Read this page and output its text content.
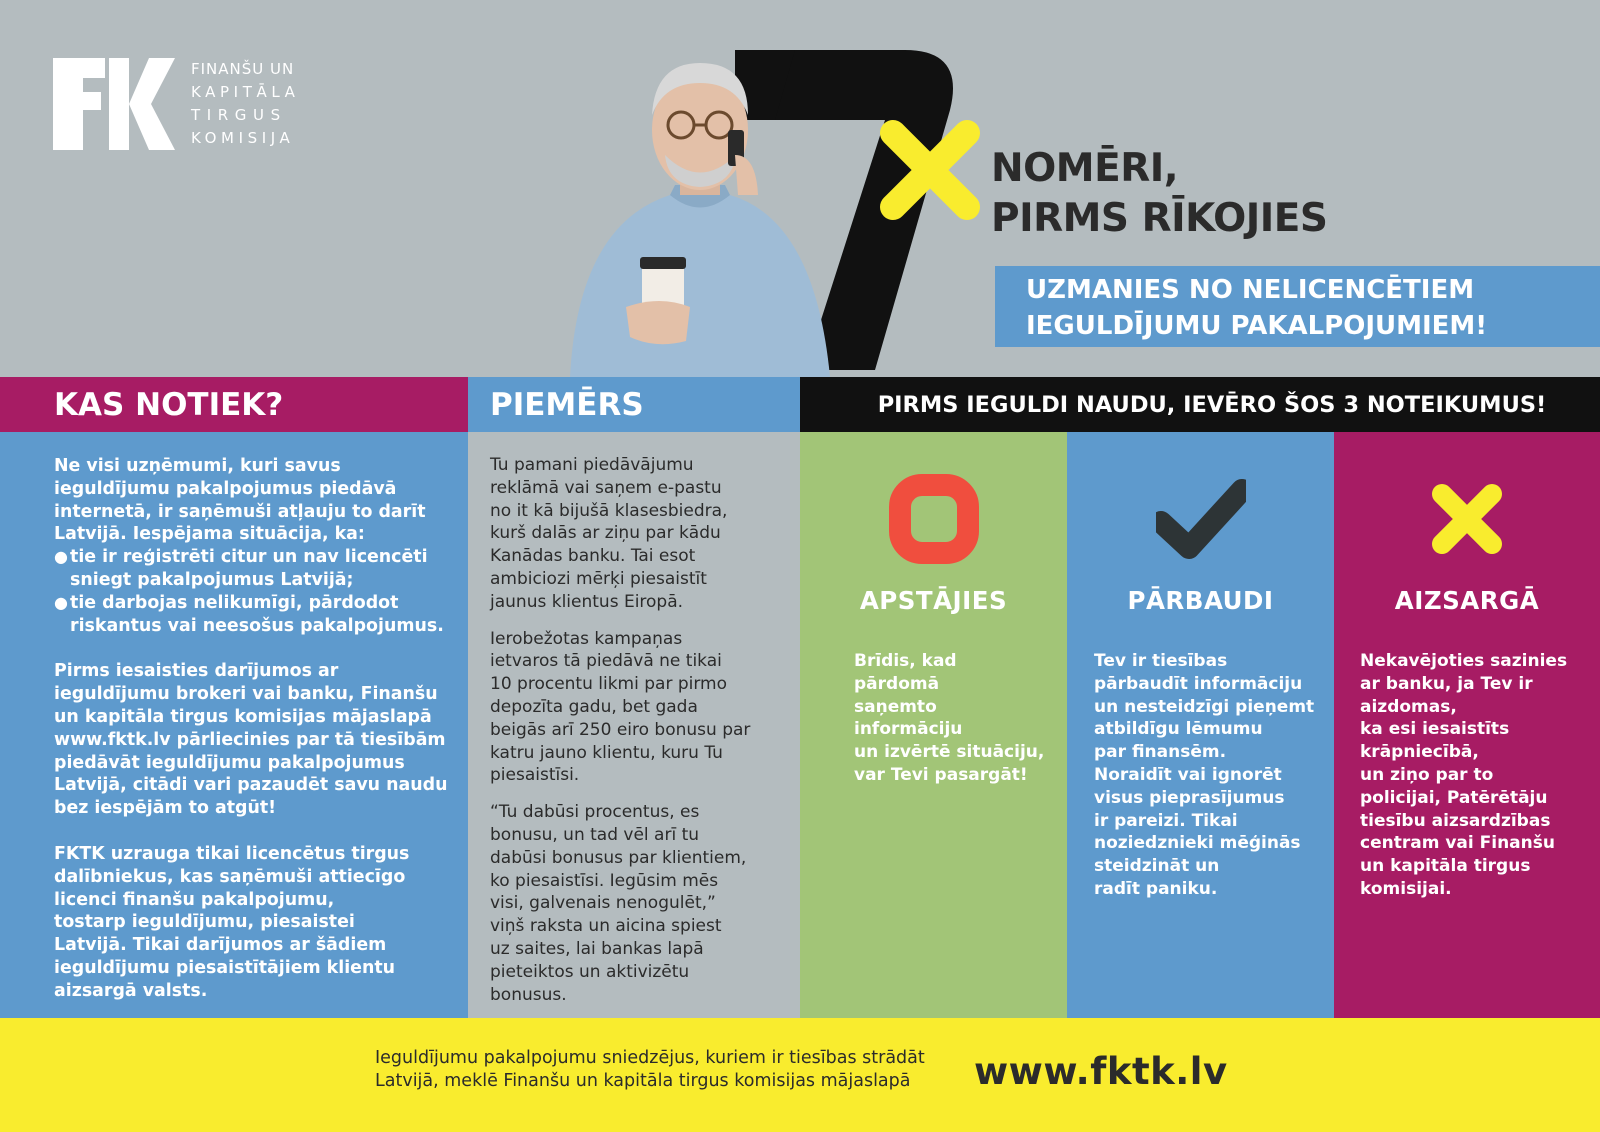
FINANŠU UN
KAPITĀLA
TIRGUS
KOMISIJA
NOMĒRI,
PIRMS RĪKOJIES
UZMANIES NO NELICENCĒTIEM
IEGULDĪJUMU PAKALPOJUMIEM!
KAS NOTIEK?

Ne visi uzņēmumi, kuri savus

ieguldījumu pakalpojumus piedāvā

internetā, ir saņēmuši atļauju to darīt

Latvijā. Iespējama situācija, ka:

● tie ir reģistrēti citur un nav licencēti

sniegt pakalpojumus Latvijā;

● tie darbojas nelikumīgi, pārdodot

riskantus vai neesošus pakalpojumus.

Pirms iesaisties darījumos ar

ieguldījumu brokeri vai banku, Finanšu

un kapitāla tirgus komisijas mājaslapā

www.fktk.lv pārliecinies par tā tiesībām

piedāvāt ieguldījumu pakalpojumus

Latvijā, citādi vari pazaudēt savu naudu

bez iespējām to atgūt!

FKTK uzrauga tikai licencētus tirgus

dalībniekus, kas saņēmuši attiecīgo

licenci finanšu pakalpojumu,

tostarp ieguldījumu, piesaistei

Latvijā. Tikai darījumos ar šādiem

ieguldījumu piesaistītājiem klientu

aizsargā valsts.

PIEMĒRS

Tu pamani piedāvājumu

reklāmā vai saņem e-pastu

no it kā bijušā klasesbiedra,

kurš dalās ar ziņu par kādu

Kanādas banku. Tai esot

ambiciozi mērķi piesaistīt

jaunus klientus Eiropā.

Ierobežotas kampaņas

ietvaros tā piedāvā ne tikai

10 procentu likmi par pirmo

depozīta gadu, bet gada

beigās arī 250 eiro bonusu par

katru jauno klientu, kuru Tu

piesaistīsi.

“Tu dabūsi procentus, es

bonusu, un tad vēl arī tu

dabūsi bonusus par klientiem,

ko piesaistīsi. Iegūsim mēs

visi, galvenais nenogulēt,”

viņš raksta un aicina spiest

uz saites, lai bankas lapā

pieteiktos un aktivizētu

bonusus.

PIRMS IEGULDI NAUDU, IEVĒRO ŠOS 3 NOTEIKUMUS!
APSTĀJIES

Brīdis, kad

pārdomā

saņemto

informāciju

un izvērtē situāciju,

var Tevi pasargāt!

PĀRBAUDI

Tev ir tiesības

pārbaudīt informāciju

un nesteidzīgi pieņemt

atbildīgu lēmumu

par finansēm.

Noraidīt vai ignorēt

visus pieprasījumus

ir pareizi. Tikai

noziedznieki mēģinās

steidzināt un

radīt paniku.

AIZSARGĀ

Nekavējoties sazinies

ar banku, ja Tev ir

aizdomas,

ka esi iesaistīts

krāpniecībā,

un ziņo par to

policijai, Patērētāju

tiesību aizsardzības

centram vai Finanšu

un kapitāla tirgus

komisijai.

Ieguldījumu pakalpojumu sniedzējus, kuriem ir tiesības strādāt
Latvijā, meklē Finanšu un kapitāla tirgus komisijas mājaslapā	www.fktk.lv
